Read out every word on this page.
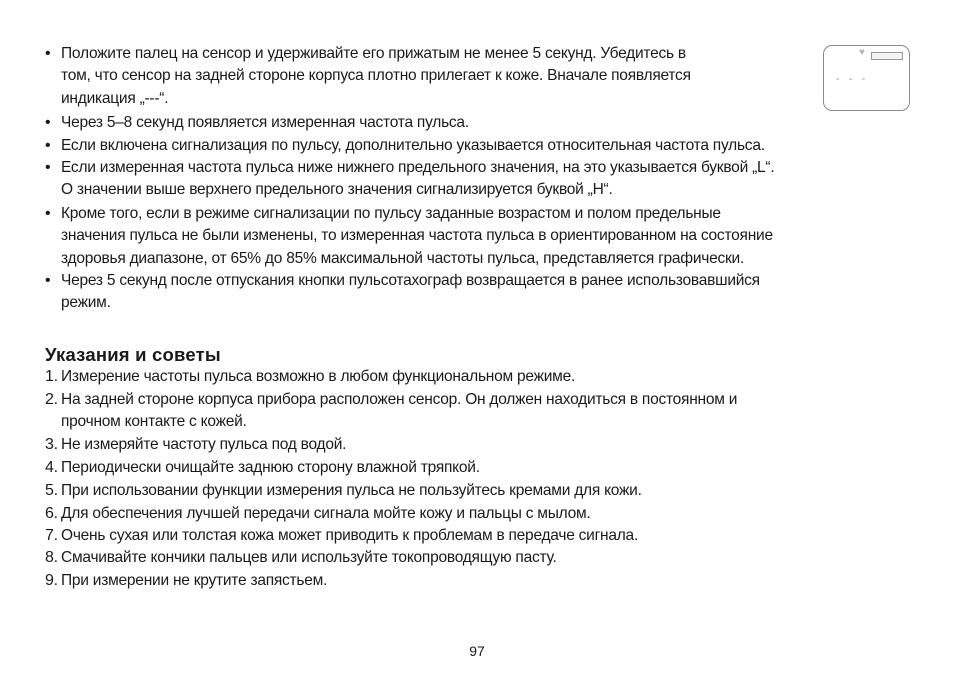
• Положите палец на сенсор и удерживайте его прижатым не менее 5 секунд. Убедитесь в
том, что сенсор на задней стороне корпуса плотно прилегает к коже. Вначале появляется
индикация „---“.
• Через 5–8 секунд появляется измеренная частота пульса.
• Если включена сигнализация по пульсу, дополнительно указывается относительная частота пульса.
• Если измеренная частота пульса ниже нижнего предельного значения, на это указывается буквой „L“.
О значении выше верхнего предельного значения сигнализируется буквой „H“.
• Кроме того, если в режиме сигнализации по пульсу заданные возрастом и полом предельные
значения пульса не были изменены, то измеренная частота пульса в ориентированном на состояние
здоровья диапазоне, от 65% до 85% максимальной частоты пульса, представляется графически.
• Через 5 секунд после отпускания кнопки пульсотахограф возвращается в ранее использовавшийся
режим.
♥
- - -
Указания и советы
1. Измерение частоты пульса возможно в любом функциональном режиме.
2. На задней стороне корпуса прибора расположен сенсор. Он должен находиться в постоянном и
прочном контакте с кожей.
3. Не измеряйте частоту пульса под водой.
4. Периодически очищайте заднюю сторону влажной тряпкой.
5. При использовании функции измерения пульса не пользуйтесь кремами для кожи.
6. Для обеспечения лучшей передачи сигнала мойте кожу и пальцы с мылом.
7. Очень сухая или толстая кожа может приводить к проблемам в передаче сигнала.
8. Смачивайте кончики пальцев или используйте токопроводящую пасту.
9. При измерении не крутите запястьем.
97
